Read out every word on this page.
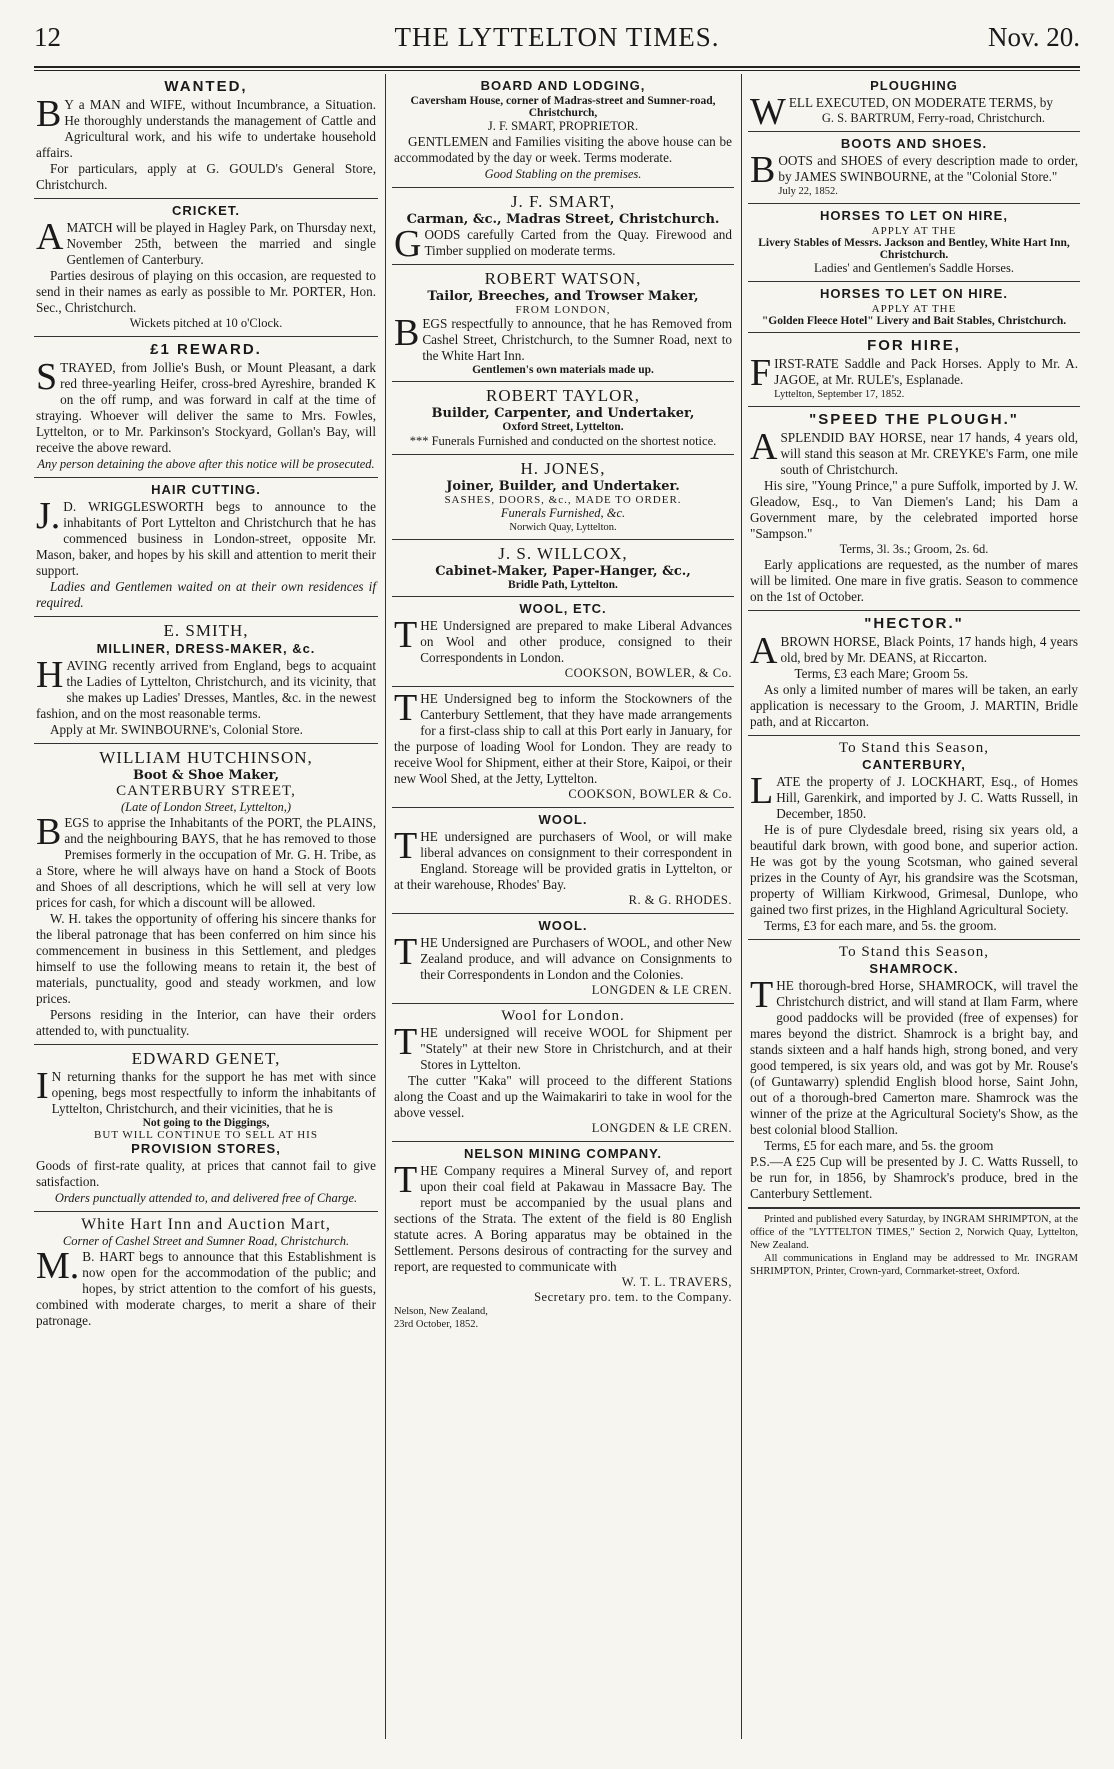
12	THE LYTTELTON TIMES.	Nov. 20.
WANTED,

BY a MAN and WIFE, without Incumbrance, a Situation. He thoroughly understands the management of Cattle and Agricultural work, and his wife to undertake household affairs.

For particulars, apply at G. GOULD's General Store, Christchurch.

CRICKET.

AMATCH will be played in Hagley Park, on Thursday next, November 25th, between the married and single Gentlemen of Canterbury.

Parties desirous of playing on this occasion, are requested to send in their names as early as possible to Mr. PORTER, Hon. Sec., Christchurch.

Wickets pitched at 10 o'Clock.
£1 REWARD.

STRAYED, from Jollie's Bush, or Mount Pleasant, a dark red three-yearling Heifer, cross-bred Ayreshire, branded K on the off rump, and was forward in calf at the time of straying. Whoever will deliver the same to Mrs. Fowles, Lyttelton, or to Mr. Parkinson's Stockyard, Gollan's Bay, will receive the above reward.

Any person detaining the above after this notice will be prosecuted.

HAIR CUTTING.

J.D. WRIGGLESWORTH begs to announce to the inhabitants of Port Lyttelton and Christchurch that he has commenced business in London-street, opposite Mr. Mason, baker, and hopes by his skill and attention to merit their support.

Ladies and Gentlemen waited on at their own residences if required.

E. SMITH,
MILLINER, DRESS-MAKER, &c.

HAVING recently arrived from England, begs to acquaint the Ladies of Lyttelton, Christchurch, and its vicinity, that she makes up Ladies' Dresses, Mantles, &c. in the newest fashion, and on the most reasonable terms.

Apply at Mr. SWINBOURNE's, Colonial Store.

WILLIAM HUTCHINSON,
Boot & Shoe Maker,
CANTERBURY STREET,
(Late of London Street, Lyttelton,)

BEGS to apprise the Inhabitants of the PORT, the PLAINS, and the neighbouring BAYS, that he has removed to those Premises formerly in the occupation of Mr. G. H. Tribe, as a Store, where he will always have on hand a Stock of Boots and Shoes of all descriptions, which he will sell at very low prices for cash, for which a discount will be allowed.

W. H. takes the opportunity of offering his sincere thanks for the liberal patronage that has been conferred on him since his commencement in business in this Settlement, and pledges himself to use the following means to retain it, the best of materials, punctuality, good and steady workmen, and low prices.

Persons residing in the Interior, can have their orders attended to, with punctuality.

EDWARD GENET,

IN returning thanks for the support he has met with since opening, begs most respectfully to inform the inhabitants of Lyttelton, Christchurch, and their vicinities, that he is

Not going to the Diggings,
BUT WILL CONTINUE TO SELL AT HIS
PROVISION STORES,

Goods of first-rate quality, at prices that cannot fail to give satisfaction.

Orders punctually attended to, and delivered free of Charge.

White Hart Inn and Auction Mart,
Corner of Cashel Street and Sumner Road, Christchurch.

M.B. HART begs to announce that this Establishment is now open for the accommodation of the public; and hopes, by strict attention to the comfort of his guests, combined with moderate charges, to merit a share of their patronage.

BOARD AND LODGING,
Caversham House, corner of Madras-street and Sumner-road, Christchurch,
J. F. SMART, PROPRIETOR.

GENTLEMEN and Families visiting the above house can be accommodated by the day or week. Terms moderate.

Good Stabling on the premises.

J. F. SMART,
Carman, &c., Madras Street, Christchurch.

GOODS carefully Carted from the Quay. Firewood and Timber supplied on moderate terms.

ROBERT WATSON,
Tailor, Breeches, and Trowser Maker,
FROM LONDON,

BEGS respectfully to announce, that he has Removed from Cashel Street, Christchurch, to the Sumner Road, next to the White Hart Inn.

Gentlemen's own materials made up.
ROBERT TAYLOR,
Builder, Carpenter, and Undertaker,
Oxford Street, Lyttelton.

*** Funerals Furnished and conducted on the shortest notice.

H. JONES,
Joiner, Builder, and Undertaker.
SASHES, DOORS, &c., MADE TO ORDER.
Funerals Furnished, &c.
Norwich Quay, Lyttelton.
J. S. WILLCOX,
Cabinet-Maker, Paper-Hanger, &c.,
Bridle Path, Lyttelton.
WOOL, ETC.

THE Undersigned are prepared to make Liberal Advances on Wool and other produce, consigned to their Correspondents in London.

COOKSON, BOWLER, & Co.

THE Undersigned beg to inform the Stockowners of the Canterbury Settlement, that they have made arrangements for a first-class ship to call at this Port early in January, for the purpose of loading Wool for London. They are ready to receive Wool for Shipment, either at their Store, Kaipoi, or their new Wool Shed, at the Jetty, Lyttelton.

COOKSON, BOWLER & Co.
WOOL.

THE undersigned are purchasers of Wool, or will make liberal advances on consignment to their correspondent in England. Storeage will be provided gratis in Lyttelton, or at their warehouse, Rhodes' Bay.

R. & G. RHODES.
WOOL.

THE Undersigned are Purchasers of WOOL, and other New Zealand produce, and will advance on Consignments to their Correspondents in London and the Colonies.

LONGDEN & LE CREN.
Wool for London.

THE undersigned will receive WOOL for Shipment per "Stately" at their new Store in Christchurch, and at their Stores in Lyttelton.

The cutter "Kaka" will proceed to the different Stations along the Coast and up the Waimakariri to take in wool for the above vessel.

LONGDEN & LE CREN.
NELSON MINING COMPANY.

THE Company requires a Mineral Survey of, and report upon their coal field at Pakawau in Massacre Bay. The report must be accompanied by the usual plans and sections of the Strata. The extent of the field is 80 English statute acres. A Boring apparatus may be obtained in the Settlement. Persons desirous of contracting for the survey and report, are requested to communicate with

W. T. L. TRAVERS,
Secretary pro. tem. to the Company.
Nelson, New Zealand,
23rd October, 1852.
PLOUGHING

WELL EXECUTED, ON MODERATE TERMS, by

G. S. BARTRUM, Ferry-road, Christchurch.
BOOTS AND SHOES.

BOOTS and SHOES of every description made to order, by JAMES SWINBOURNE, at the "Colonial Store."

July 22, 1852.
HORSES TO LET ON HIRE,
APPLY AT THE
Livery Stables of Messrs. Jackson and Bentley, White Hart Inn, Christchurch.
Ladies' and Gentlemen's Saddle Horses.
HORSES TO LET ON HIRE.
APPLY AT THE
"Golden Fleece Hotel" Livery and Bait Stables, Christchurch.
FOR HIRE,

FIRST-RATE Saddle and Pack Horses. Apply to Mr. A. JAGOE, at Mr. RULE's, Esplanade.

Lyttelton, September 17, 1852.
"SPEED THE PLOUGH."

ASPLENDID BAY HORSE, near 17 hands, 4 years old, will stand this season at Mr. CREYKE's Farm, one mile south of Christchurch.

His sire, "Young Prince," a pure Suffolk, imported by J. W. Gleadow, Esq., to Van Diemen's Land; his Dam a Government mare, by the celebrated imported horse "Sampson."

Terms, 3l. 3s.; Groom, 2s. 6d.

Early applications are requested, as the number of mares will be limited. One mare in five gratis. Season to commence on the 1st of October.

"HECTOR."

ABROWN HORSE, Black Points, 17 hands high, 4 years old, bred by Mr. DEANS, at Riccarton.

Terms, £3 each Mare; Groom 5s.

As only a limited number of mares will be taken, an early application is necessary to the Groom, J. MARTIN, Bridle path, and at Riccarton.

To Stand this Season,
CANTERBURY,

LATE the property of J. LOCKHART, Esq., of Homes Hill, Garenkirk, and imported by J. C. Watts Russell, in December, 1850.

He is of pure Clydesdale breed, rising six years old, a beautiful dark brown, with good bone, and superior action. He was got by the young Scotsman, who gained several prizes in the County of Ayr, his grandsire was the Scotsman, property of William Kirkwood, Grimesal, Dunlope, who gained two first prizes, in the Highland Agricultural Society.

Terms, £3 for each mare, and 5s. the groom.

To Stand this Season,
SHAMROCK.

THE thorough-bred Horse, SHAMROCK, will travel the Christchurch district, and will stand at Ilam Farm, where good paddocks will be provided (free of expenses) for mares beyond the district. Shamrock is a bright bay, and stands sixteen and a half hands high, strong boned, and very good tempered, is six years old, and was got by Mr. Rouse's (of Guntawarry) splendid English blood horse, Saint John, out of a thorough-bred Camerton mare. Shamrock was the winner of the prize at the Agricultural Society's Show, as the best colonial blood Stallion.

Terms, £5 for each mare, and 5s. the groom

P.S.—A £25 Cup will be presented by J. C. Watts Russell, to be run for, in 1856, by Shamrock's produce, bred in the Canterbury Settlement.

Printed and published every Saturday, by INGRAM SHRIMPTON, at the office of the "LYTTELTON TIMES," Section 2, Norwich Quay, Lyttelton, New Zealand.

All communications in England may be addressed to Mr. INGRAM SHRIMPTON, Printer, Crown-yard, Cornmarket-street, Oxford.
